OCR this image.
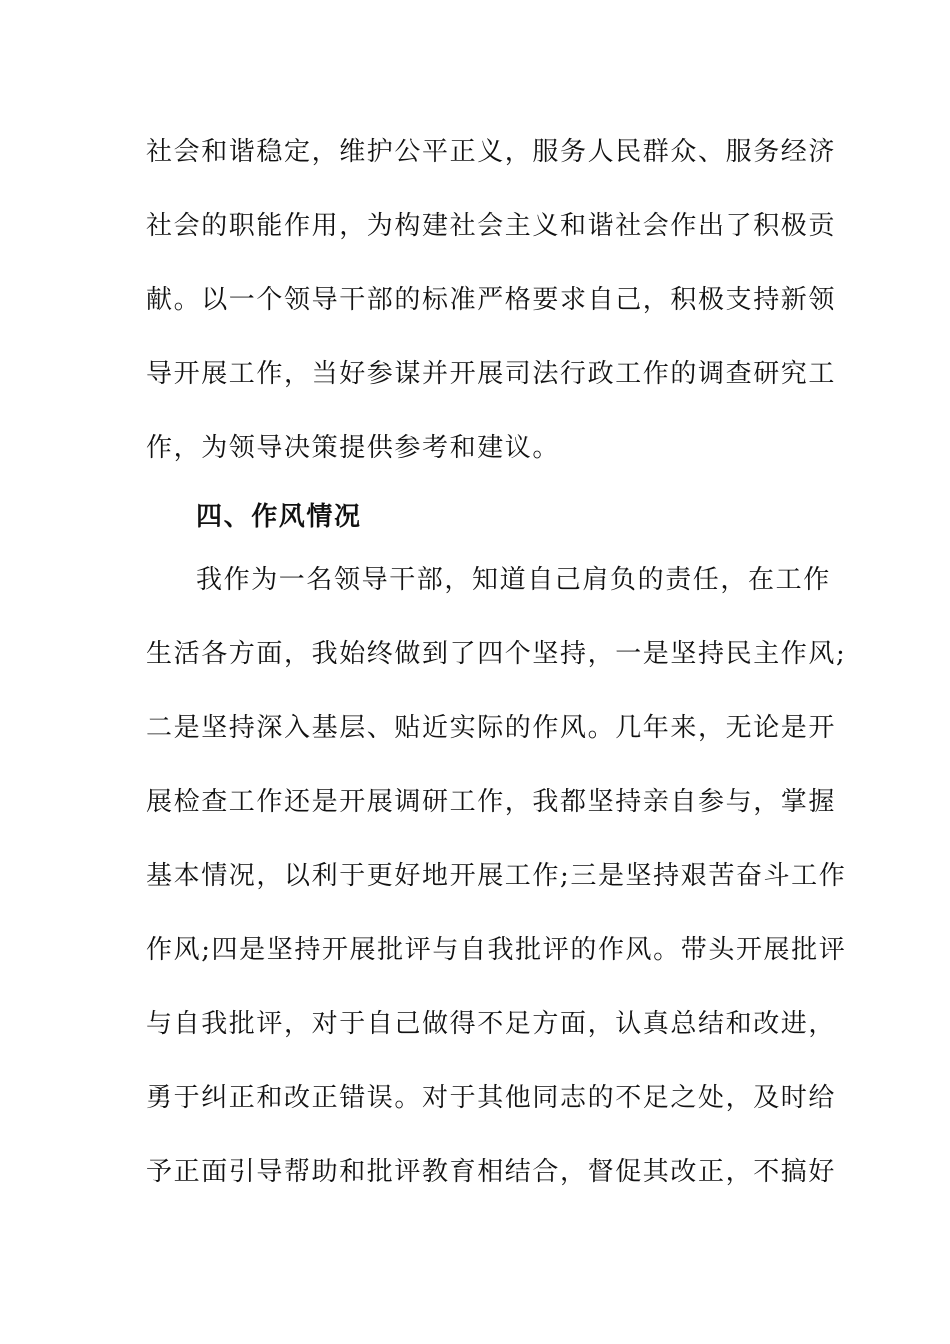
社会和谐稳定，维护公平正义，服务人民群众、服务经济
社会的职能作用，为构建社会主义和谐社会作出了积极贡
献。以一个领导干部的标准严格要求自己，积极支持新领
导开展工作，当好参谋并开展司法行政工作的调查研究工
作，为领导决策提供参考和建议。
四、作风情况
我作为一名领导干部，知道自己肩负的责任，在工作
生活各方面，我始终做到了四个坚持，一是坚持民主作风;
二是坚持深入基层、贴近实际的作风。几年来，无论是开
展检查工作还是开展调研工作，我都坚持亲自参与，掌握
基本情况，以利于更好地开展工作;三是坚持艰苦奋斗工作
作风;四是坚持开展批评与自我批评的作风。带头开展批评
与自我批评，对于自己做得不足方面，认真总结和改进，
勇于纠正和改正错误。对于其他同志的不足之处，及时给
予正面引导帮助和批评教育相结合，督促其改正，不搞好
